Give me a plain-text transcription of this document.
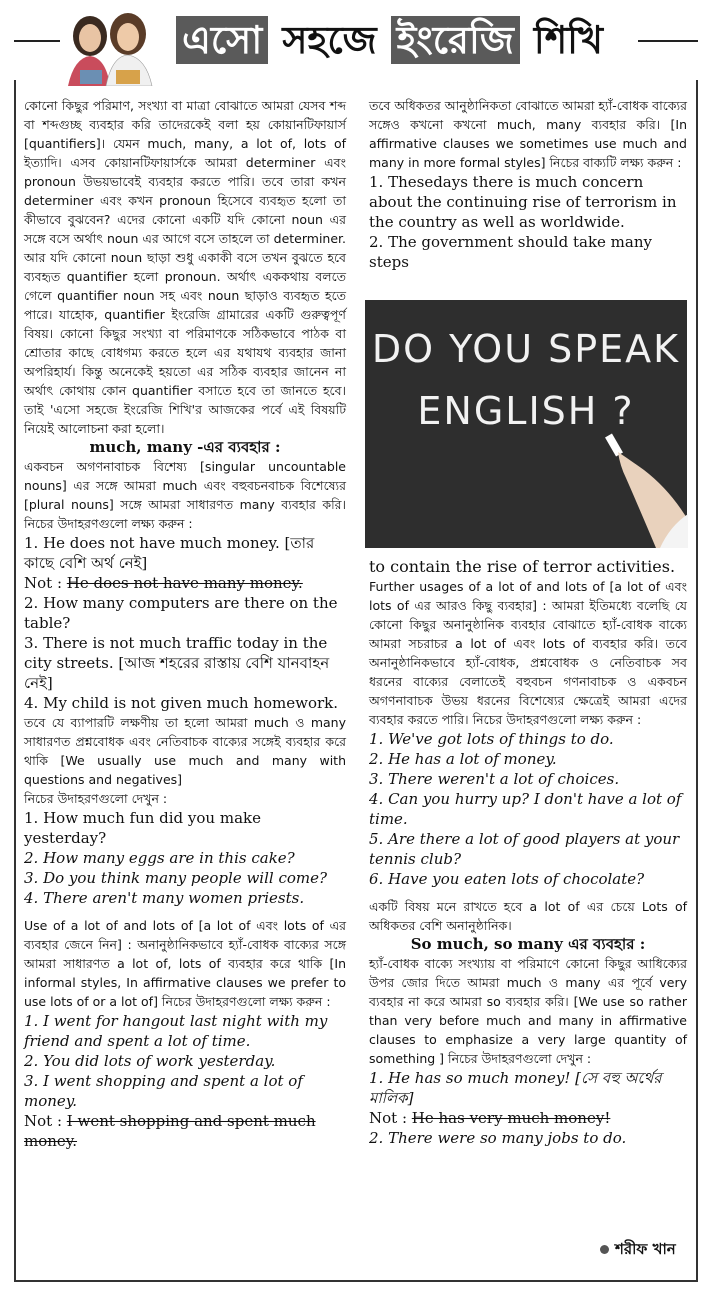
এসো সহজে ইংরেজি শিখি

কোনো কিছুর পরিমাণ, সংখ্যা বা মাত্রা বোঝাতে আমরা যেসব শব্দ বা শব্দগুচ্ছ ব্যবহার করি তাদেরকেই বলা হয় কোয়ানটিফায়ার্স [quantifiers]। যেমন much, many, a lot of, lots of ইত্যাদি। এসব কোয়ানটিফায়ার্সকে আমরা determiner এবং pronoun উভয়ভাবেই ব্যবহার করতে পারি। তবে তারা কখন determiner এবং কখন pronoun হিসেবে ব্যবহৃত হলো তা কীভাবে বুঝবেন? এদের কোনো একটি যদি কোনো noun এর সঙ্গে বসে অর্থাৎ noun এর আগে বসে তাহলে তা determiner. আর যদি কোনো noun ছাড়া শুধু একাকী বসে তখন বুঝতে হবে ব্যবহৃত quantifier হলো pronoun. অর্থাৎ এককথায় বলতে গেলে quantifier noun সহ এবং noun ছাড়াও ব্যবহৃত হতে পারে। যাহোক, quantifier ইংরেজি গ্রামারের একটি গুরুত্বপূর্ণ বিষয়। কোনো কিছুর সংখ্যা বা পরিমাণকে সঠিকভাবে পাঠক বা শ্রোতার কাছে বোধগম্য করতে হলে এর যথাযথ ব্যবহার জানা অপরিহার্য। কিন্তু অনেকেই হয়তো এর সঠিক ব্যবহার জানেন না অর্থাৎ কোথায় কোন quantifier বসাতে হবে তা জানতে হবে। তাই 'এসো সহজে ইংরেজি শিখি'র আজকের পর্বে এই বিষয়টি নিয়েই আলোচনা করা হলো।

much, many -এর ব্যবহার :

একবচন অগণনাবাচক বিশেষ্য [singular uncountable nouns] এর সঙ্গে আমরা much এবং বহুবচনবাচক বিশেষ্যের [plural nouns] সঙ্গে আমরা সাধারণত many ব্যবহার করি। নিচের উদাহরণগুলো লক্ষ্য করুন :

1. He does not have much money. [তার কাছে বেশি অর্থ নেই]
Not : He does not have many money.
2. How many computers are there on the table?
3. There is not much traffic today in the city streets. [আজ শহরের রাস্তায় বেশি যানবাহন নেই]
4. My child is not given much homework.

তবে যে ব্যাপারটি লক্ষণীয় তা হলো আমরা much ও many সাধারণত প্রশ্নবোধক এবং নেতিবাচক বাক্যের সঙ্গেই ব্যবহার করে থাকি [We usually use much and many with questions and negatives]

নিচের উদাহরণগুলো দেখুন :

1. How much fun did you make yesterday?
2. How many eggs are in this cake?
3. Do you think many people will come?
4. There aren't many women priests.

Use of a lot of and lots of [a lot of এবং lots of এর ব্যবহার জেনে নিন] : অনানুষ্ঠানিকভাবে হ্যাঁ-বোধক বাক্যের সঙ্গে আমরা সাধারণত a lot of, lots of ব্যবহার করে থাকি [In informal styles, In affirmative clauses we prefer to use lots of or a lot of] নিচের উদাহরণগুলো লক্ষ্য করুন :

1. I went for hangout last night with my friend and spent a lot of time.
2. You did lots of work yesterday.
3. I went shopping and spent a lot of money.
Not : I went shopping and spent much money.

তবে অধিকতর আনুষ্ঠানিকতা বোঝাতে আমরা হ্যাঁ-বোধক বাক্যের সঙ্গেও কখনো কখনো much, many ব্যবহার করি। [In affirmative clauses we sometimes use much and many in more formal styles] নিচের বাক্যটি লক্ষ্য করুন :

1. Thesedays there is much concern about the continuing rise of terrorism in the country as well as worldwide.
2. The government should take many steps
DO YOU SPEAK
ENGLISH ?

to contain the rise of terror activities.

Further usages of a lot of and lots of [a lot of এবং lots of এর আরও কিছু ব্যবহার] : আমরা ইতিমধ্যে বলেছি যে কোনো কিছুর অনানুষ্ঠানিক ব্যবহার বোঝাতে হ্যাঁ-বোধক বাক্যে আমরা সচরাচর a lot of এবং lots of ব্যবহার করি। তবে অনানুষ্ঠানিকভাবে হ্যাঁ-বোধক, প্রশ্নবোধক ও নেতিবাচক সব ধরনের বাক্যের বেলাতেই বহুবচন গণনাবাচক ও একবচন অগণনাবাচক উভয় ধরনের বিশেষ্যের ক্ষেত্রেই আমরা এদের ব্যবহার করতে পারি। নিচের উদাহরণগুলো লক্ষ্য করুন :

1. We've got lots of things to do.
2. He has a lot of money.
3. There weren't a lot of choices.
4. Can you hurry up? I don't have a lot of time.
5. Are there a lot of good players at your tennis club?
6. Have you eaten lots of chocolate?

একটি বিষয় মনে রাখতে হবে a lot of এর চেয়ে Lots of অধিকতর বেশি অনানুষ্ঠানিক।

So much, so many এর ব্যবহার :

হ্যাঁ-বোধক বাক্যে সংখ্যায় বা পরিমাণে কোনো কিছুর আধিক্যের উপর জোর দিতে আমরা much ও many এর পূর্বে very ব্যবহার না করে আমরা so ব্যবহার করি। [We use so rather than very before much and many in affirmative clauses to emphasize a very large quantity of something ] নিচের উদাহরণগুলো দেখুন :

1. He has so much money! [সে বহু অর্থের মালিক]
Not : He has very much money!
2. There were so many jobs to do.
শরীফ খান
